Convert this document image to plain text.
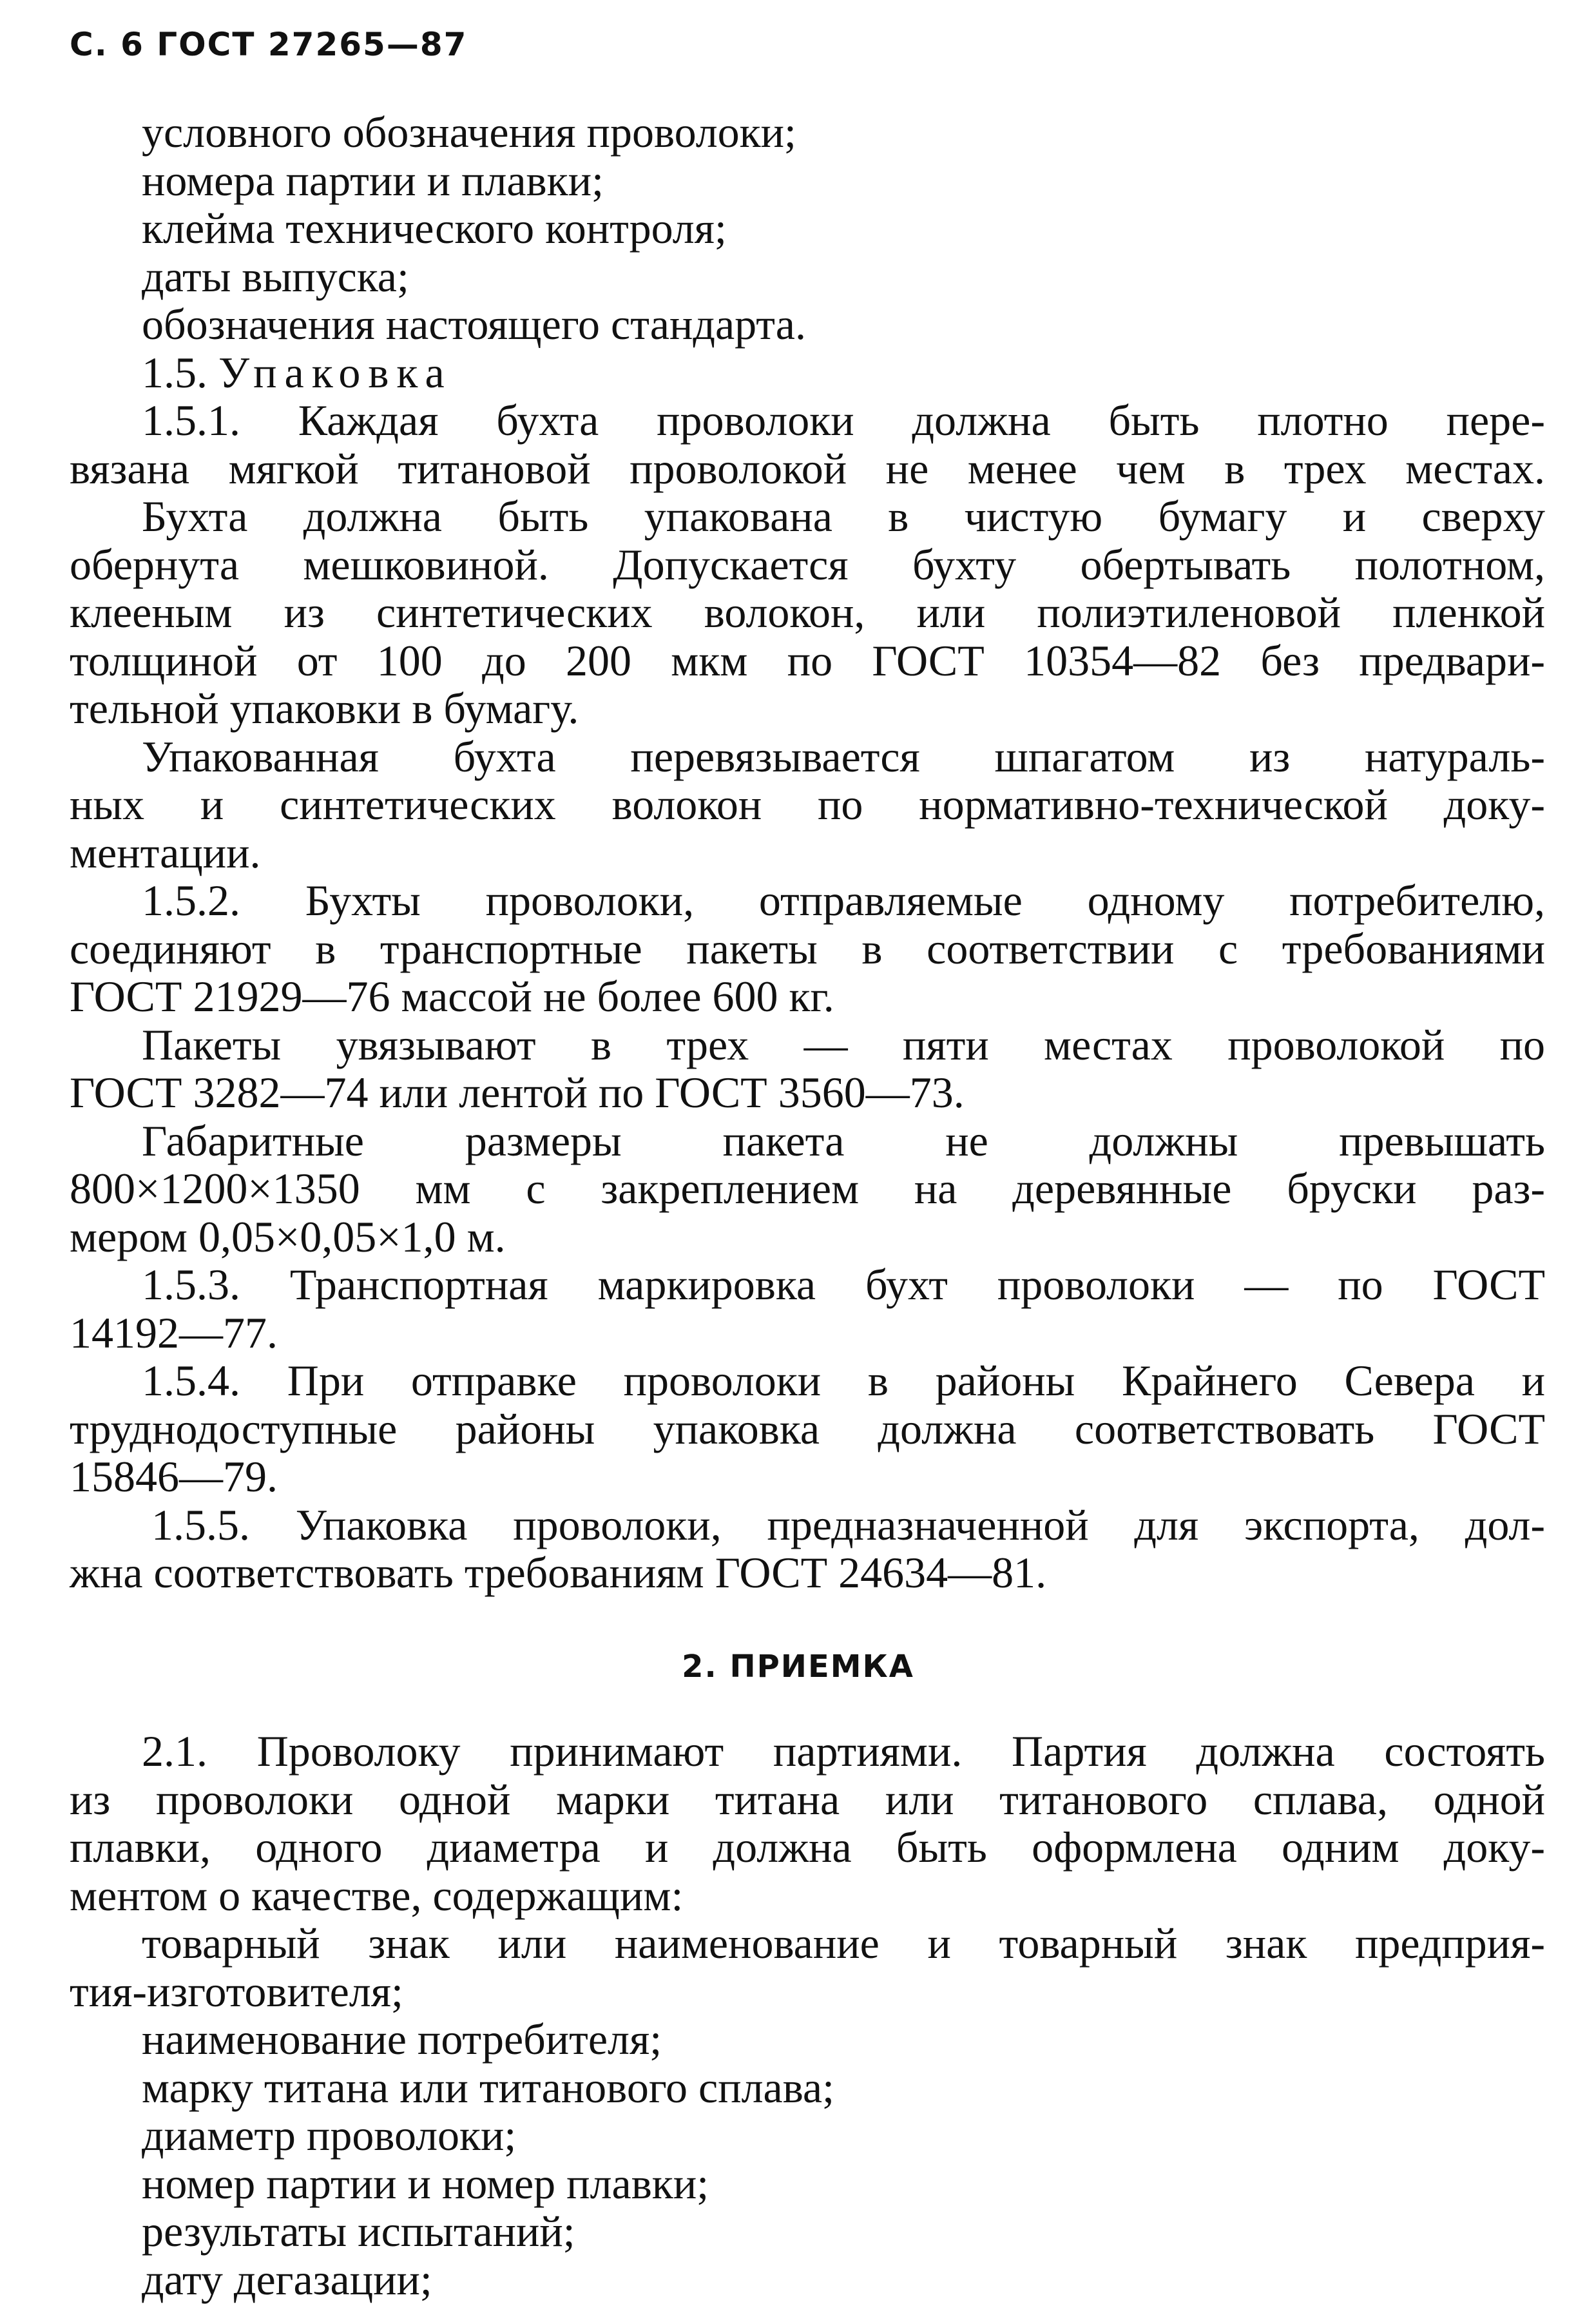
С. 6 ГОСТ 27265—87

условного обозначения проволоки;

номера партии и плавки;

клейма технического контроля;

даты выпуска;

обозначения настоящего стандарта.

1.5. Упаковка

1.5.1. Каждая бухта проволоки должна быть плотно пере-

вязана мягкой титановой проволокой не менее чем в трех местах.

Бухта должна быть упакована в чистую бумагу и сверху

обернута мешковиной. Допускается бухту обертывать полотном,

клееным из синтетических волокон, или полиэтиленовой пленкой

толщиной от 100 до 200 мкм по ГОСТ 10354—82 без предвари-

тельной упаковки в бумагу.

Упакованная бухта перевязывается шпагатом из натураль-

ных и синтетических волокон по нормативно-технической доку-

ментации.

1.5.2. Бухты проволоки, отправляемые одному потребителю,

соединяют в транспортные пакеты в соответствии с требованиями

ГОСТ 21929—76 массой не более 600 кг.

Пакеты увязывают в трех — пяти местах проволокой по

ГОСТ 3282—74 или лентой по ГОСТ 3560—73.

Габаритные размеры пакета не должны превышать

800×1200×1350 мм с закреплением на деревянные бруски раз-

мером 0,05×0,05×1,0 м.

1.5.3. Транспортная маркировка бухт проволоки — по ГОСТ

14192—77.

1.5.4. При отправке проволоки в районы Крайнего Севера и

труднодоступные районы упаковка должна соответствовать ГОСТ

15846—79.

1.5.5. Упаковка проволоки, предназначенной для экспорта, дол-

жна соответствовать требованиям ГОСТ 24634—81.

2. ПРИЕМКА

2.1. Проволоку принимают партиями. Партия должна состоять

из проволоки одной марки титана или титанового сплава, одной

плавки, одного диаметра и должна быть оформлена одним доку-

ментом о качестве, содержащим:

товарный знак или наименование и товарный знак предприя-

тия-изготовителя;

наименование потребителя;

марку титана или титанового сплава;

диаметр проволоки;

номер партии и номер плавки;

результаты испытаний;

дату дегазации;
